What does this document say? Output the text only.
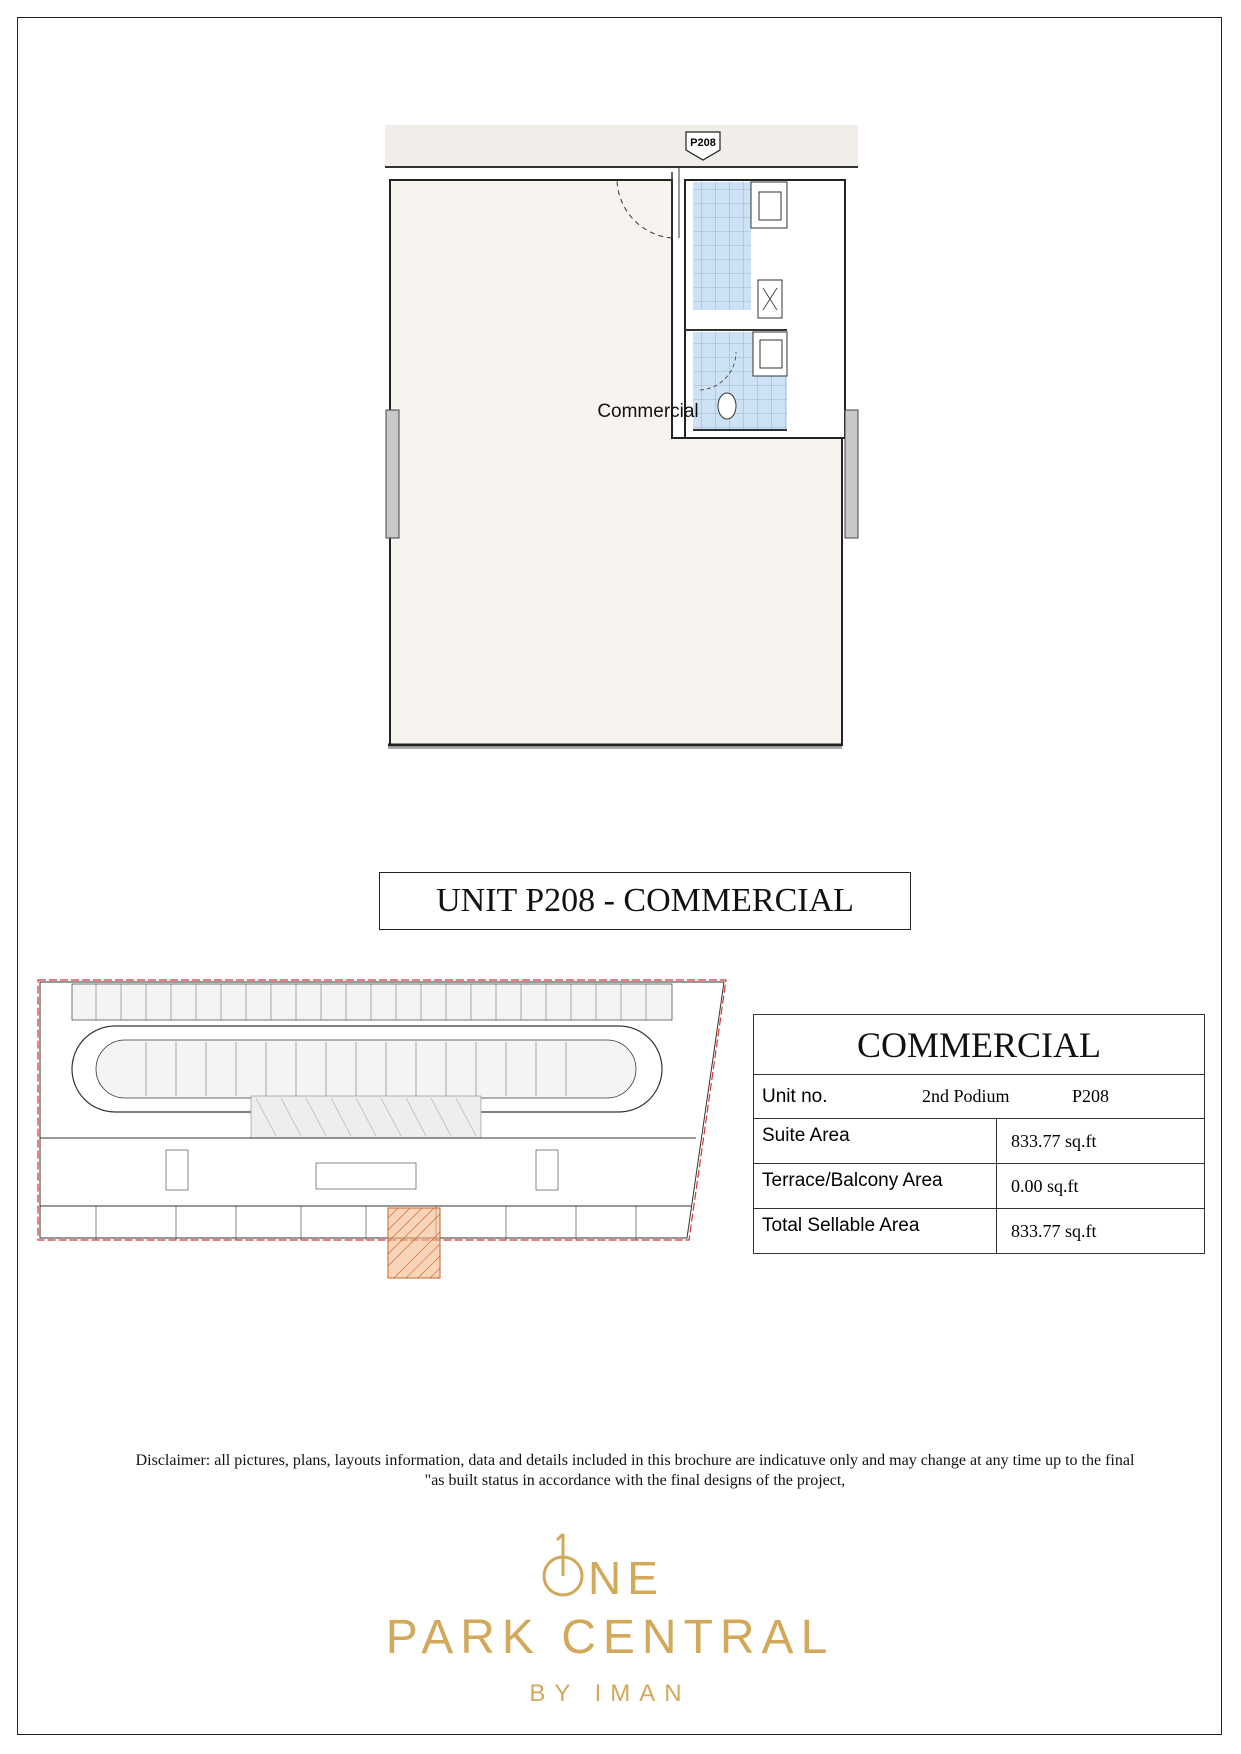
P208
Commercial
UNIT P208 - COMMERCIAL
COMMERCIAL
Unit no.	2nd Podium	P208
Suite Area	833.77 sq.ft
Terrace/Balcony Area	0.00 sq.ft
Total Sellable Area	833.77 sq.ft
Disclaimer: all pictures, plans, layouts information, data and details included in this brochure are indicatuve only and may change at any time up to the final
"as built status in accordance with the final designs of the project,
NE
PARK CENTRAL
BY IMAN
